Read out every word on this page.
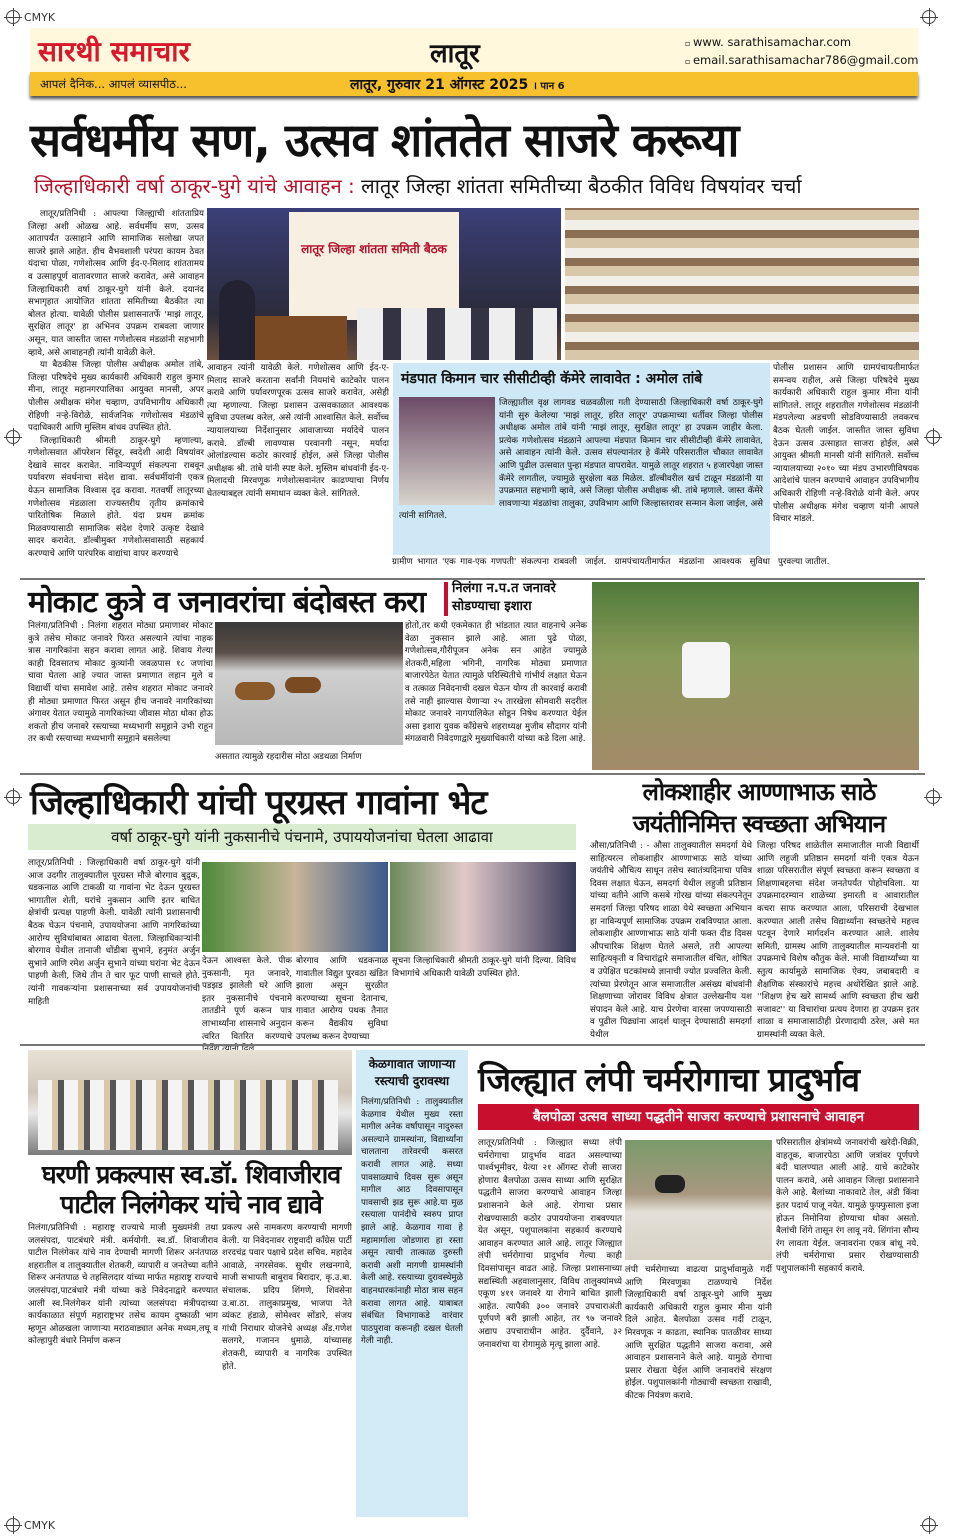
CMYK
CMYK
सारथी समाचार	लातूर	▫ www. sarathisamachar.com
▫ email.sarathisamachar786@gmail.com
आपलं दैनिक... आपलं व्यासपीठ...	लातूर, गुरुवार 21 ऑगस्ट 2025 । पान 6
सर्वधर्मीय सण, उत्सव शांततेत साजरे करूया
जिल्हाधिकारी वर्षा ठाकूर-घुगे यांचे आवाहन : लातूर जिल्हा शांतता समितीच्या बैठकीत विविध विषयांवर चर्चा

लातूर/प्रतिनिधी : आपल्या जिल्ह्याची शांतताप्रिय जिल्हा अशी ओळख आहे. सर्वधर्मीय सण, उत्सव आतापर्यंत उत्साहाने आणि सामाजिक सलोखा जपत साजरे झाले आहेत. हीच वैभवशाली परंपरा कायम ठेवत यंदाचा पोळा, गणेशोत्सव आणि ईद-ए-मिलाद शांततामय व उत्साहपूर्ण वातावरणात साजरे करावेत, असे आवाहन जिल्हाधिकारी वर्षा ठाकूर-घुगे यांनी केले. दयानंद सभागृहात आयोजित शांतता समितीच्या बैठकीत त्या बोलत होत्या. यावेळी पोलीस प्रशासनातर्फे 'माझं लातूर, सुरक्षित लातूर' हा अभिनव उपक्रम राबवला जाणार असून, यात जास्तीत जास्त गणेशोत्सव मंडळांनी सहभागी व्हावे, असे आवाहनही त्यांनी यावेळी केले.

या बैठकीस जिल्हा पोलीस अधीक्षक अमोल तांबे, जिल्हा परिषदेचे मुख्य कार्यकारी अधिकारी राहुल कुमार मीना, लातूर महानगरपालिका आयुक्त मानसी, अपर पोलीस अधीक्षक मंगेश चव्हाण, उपविभागीय अधिकारी रोहिणी नऱ्हे-विरोळे, सार्वजनिक गणेशोत्सव मंडळांचे पदाधिकारी आणि मुस्लिम बांधव उपस्थित होते.

जिल्हाधिकारी श्रीमती ठाकूर-घुगे म्हणाल्या, गणेशोत्सवात ऑपरेशन सिंदूर, स्वदेशी आदी विषयांवर देखावे सादर करावेत. नाविन्यपूर्ण संकल्पना राबवून पर्यावरण संवर्धनाचा संदेश द्यावा. सर्वधर्मीयांनी एकत्र येऊन सामाजिक विश्वास दृढ करावा. गतवर्षी लातूरच्या गणेशोत्सव मंडळाला राज्यस्तरीय तृतीय क्रमांकाचे पारितोषिक मिळाले होते. यंदा प्रथम क्रमांक मिळवण्यासाठी सामाजिक संदेश देणारे उत्कृष्ट देखावे सादर करावेत. डॉल्बीमुक्त गणेशोत्सवासाठी सहकार्य करण्याचे आणि पारंपरिक वाद्यांचा वापर करण्याचे

लातूर जिल्हा शांतता समिती बैठक
आवाहन त्यांनी यावेळी केले. गणेशोत्सव आणि ईद-ए-मिलाद साजरे करताना सर्वांनी नियमांचे काटेकोर पालन करावे आणि पर्यावरणपूरक उत्सव साजरे करावेत, असेही त्या म्हणाल्या. जिल्हा प्रशासन उत्सवकाळात आवश्यक सुविधा उपलब्ध करेल, असे त्यांनी आश्वासित केले. सर्वोच्च न्यायालयाच्या निर्देशानुसार आवाजाच्या मर्यादेचे पालन करावे. डॉल्बी लावण्यास परवानगी नसून, मर्यादा ओलांडल्यास कठोर कारवाई होईल, असे जिल्हा पोलीस अधीक्षक श्री. तांबे यांनी स्पष्ट केले. मुस्लिम बांधवांनी ईद-ए-मिलादची मिरवणूक गणेशोत्सवानंतर काढण्याचा निर्णय घेतल्याबद्दल त्यांनी समाधान व्यक्त केले. सांगितले.
मंडपात किमान चार सीसीटीव्ही कॅमेरे लावावेत : अमोल तांबे
जिल्ह्यातील वृक्ष लागवड चळवळीला गती देण्यासाठी जिल्हाधिकारी वर्षा ठाकूर-घुगे यांनी सुरु केलेल्या 'माझं लातूर, हरित लातूर' उपक्रमाच्या धर्तीवर जिल्हा पोलीस अधीक्षक अमोल तांबे यांनी 'माझं लातूर, सुरक्षित लातूर' हा उपक्रम जाहीर केला. प्रत्येक गणेशोत्सव मंडळाने आपल्या मंडपात किमान चार सीसीटीव्ही कॅमेरे लावावेत, असे आवाहन त्यांनी केले. उत्सव संपल्यानंतर हे कॅमेरे परिसरातील चौकात लावावेत आणि पुढील उत्सवात पुन्हा मंडपात वापरावेत. यामुळे लातूर शहरात ५ हजारपेक्षा जास्त कॅमेरे लागतील, ज्यामुळे सुरक्षेला बळ मिळेल. डॉल्बीवरील खर्च टाळून मंडळांनी या उपक्रमात सहभागी व्हावे, असे जिल्हा पोलीस अधीक्षक श्री. तांबे म्हणाले. जास्त कॅमेरे लावणाऱ्या मंडळांचा तालुका, उपविभाग आणि जिल्हास्तरावर सन्मान केला जाईल, असे त्यांनी सांगितले.
ग्रामीण भागात 'एक गाव-एक गणपती' संकल्पना राबवली जाईल. ग्रामपंचायतीमार्फत मंडळांना आवश्यक सुविधा पुरवल्या जातील.
पोलीस प्रशासन आणि ग्रामपंचायतीमार्फत समन्वय राहील, असे जिल्हा परिषदेचे मुख्य कार्यकारी अधिकारी राहुल कुमार मीना यांनी सांगितले. लातूर शहरातील गणेशोत्सव मंडळांनी मंडपलेल्या अडचणी सोडविण्यासाठी लवकरच बैठक घेतली जाईल. जास्तीत जास्त सुविधा देऊन उत्सव उत्साहात साजरा होईल, असे आयुक्त श्रीमती मानसी यांनी सांगितले. सर्वोच्च न्यायालयाच्या २०१० च्या मंडप उभारणीविषयक आदेशांचे पालन करण्याचे आवाहन उपविभागीय अधिकारी रोहिणी नऱ्हे-विरोळे यांनी केले. अपर पोलीस अधीक्षक मंगेश चव्हाण यांनी आपले विचार मांडले.
मोकाट कुत्रे व जनावरांचा बंदोबस्त करा निलंगा न.प.त जनावरे सोडण्याचा इशारा
निलंगा/प्रतिनिधी : निलंगा शहरात मोठ्या प्रमाणावर मोकाट कुत्रे तसेच मोकाट जनावरे फिरत असल्याने त्यांचा नाहक त्रास नागरिकांना सहन करावा लागत आहे. शिवाय गेल्या काही दिवसातच मोकाट कुत्र्यांनी जवळपास १८ जणांचा चावा घेतला आहे ज्यात जास्त प्रमाणात लहान मुले व विद्यार्थी यांचा समावेश आहे. तसेच शहरात मोकाट जनावरे ही मोठ्या प्रमाणात फिरत असून हीच जनावरे नागरिकांच्या अंगावर येतात ज्यामुळे नागरिकांच्या जीवास मोठा धोका होऊ शकतो हीच जनावरे रस्त्याच्या मध्यभागी समूहाने उभी राहून तर कधी रस्त्याच्या मध्यभागी समूहाने बसलेल्या
असतात त्यामुळे रहदारीस मोठा अडथळा निर्माण
होतो,तर कधी एकमेकात ही भांडतात त्यात वाहनाचे अनेक वेळा नुकसान झाले आहे. आता पुढे पोळा, गणेशोत्सव,गौरीपूजन अनेक सन आहेत ज्यामुळे शेतकरी,महिला भगिनी, नागरिक मोठ्या प्रमाणात बाजारपेठेत येतात त्यामुळे परिस्थितीचे गांभीर्य लक्षात घेऊन व तत्काळ निवेदनाची दखल घेऊन योग्य ती कारवाई करावी तसे नाही झाल्यास येणाऱ्या २५ तारखेला सोमवारी सदरील मोकाट जनावरे नागपालिकेत सोडून निषेध करण्यात येईल असा इशारा युवक काँग्रेसचे शहराध्यक्ष मुजीब सौदागर यांनी मंगळवारी निवेदणाद्वारे मुख्याधिकारी यांच्या कडे दिला आहे.
जिल्हाधिकारी यांची पूरग्रस्त गावांना भेट
वर्षा ठाकूर-घुगे यांनी नुकसानीचे पंचनामे, उपाययोजनांचा घेतला आढावा
लातूर/प्रतिनिधी : जिल्हाधिकारी वर्षा ठाकूर-घुगे यांनी आज उदगीर तालुक्यातील पूरग्रस्त मौजे बोरगाव बुद्रुक, धडकनाळ आणि टाकळी या गावांना भेट देऊन पूरग्रस्त भागातील शेती, घरांचे नुकसान आणि इतर बाधित क्षेत्रांची प्रत्यक्ष पाहणी केली. यावेळी त्यांनी प्रशासनाची बैठक घेऊन पंचनामे, उपाययोजना आणि नागरिकांच्या आरोग्य सुविधांबाबत आढावा घेतला. जिल्हाधिकाऱ्यांनी बोरगाव येथील तानाजी धोंडीबा सुभाने, हनुमंत अर्जुन सुभाने आणि रमेश अर्जुन सुभाने यांच्या घरांना भेट देऊन पाहणी केली, जिथे तीन ते चार फूट पाणी साचले होते. त्यांनी गावकऱ्यांना प्रशासनाच्या सर्व उपाययोजनांची माहिती
देऊन आश्वस्त केले. पीक नुकसानी, मृत जनावरे, पडझड झालेली घरे आणि इतर नुकसानीचे पंचनामे तातडीने पूर्ण करून पात्र लाभार्थ्यांना शासनाचे अनुदान त्वरित वितरित करण्याचे
बोरगाव आणि धडकनाळ गावातील विद्युत पुरवठा खंडित झाला असून सुरळीत करण्याच्या सूचना देतानाच, गावात आरोग्य पथक तैनात करून वैद्यकीय सुविधा उपलब्ध करून देण्याच्या
सूचना जिल्हाधिकारी श्रीमती ठाकूर-घुगे यांनी दिल्या. विविध विभागांचे अधिकारी यावेळी उपस्थित होते.
लोकशाहीर आण्णाभाऊ साठे
जयंतीनिमित्त स्वच्छता अभियान
औसा/प्रतिनिधी : - औसा तालुक्यातील समदर्गा येथे साहित्यरत्न लोकशाहीर आण्णाभाऊ साठे यांच्या जयंतीचे औचित्य साधून तसेच स्वातंत्र्यदिनाचा पवित्र दिवस लक्षात घेऊन, समदर्गा येथील लहुजी प्रतिष्ठान यांच्या वतीने आणि कसबे गोरख यांच्या संकल्पनेतून समदर्गा जिल्हा परिषद शाळा येथे स्वच्छता अभियान हा नाविन्यपूर्ण सामाजिक उपक्रम राबविण्यात आला. लोकशाहीर आण्णाभाऊ साठे यांनी फक्त दीड दिवस औपचारिक शिक्षण घेतले असले, तरी आपल्या साहित्यकृती व विचारांद्वारे समाजातील वंचित, शोषित व उपेक्षित घटकांमध्ये ज्ञानाची ज्योत प्रज्वलित केली. त्यांच्या प्रेरणेतून आज समाजातील असंख्य बांधवांनी शिक्षणाच्या जोरावर विविध क्षेत्रात उल्लेखनीय यश संपादन केले आहे. याच प्रेरणेचा वारसा जपण्यासाठी व पुढील पिढ्यांना आदर्श घालून देण्यासाठी समदर्गा येथील
जिल्हा परिषद शाळेतील समाजातील माजी विद्यार्थी आणि लहुजी प्रतिष्ठान समदर्गा यांनी एकत्र येऊन शाळा परिसरातील संपूर्ण स्वच्छता करून स्वच्छता व शिक्षणाबद्दलचा संदेश जनतेपर्यंत पोहोचविला. या उपक्रमादरम्यान शाळेच्या इमारती व आवारातील कचरा साफ करण्यात आला, परिसराची देखभाल करण्यात आली तसेच विद्यार्थ्यांना स्वच्छतेचे महत्त्व पटवून देणारे मार्गदर्शन करण्यात आले. शालेय समिती, ग्रामस्थ आणि तालुक्यातील मान्यवरांनी या उपक्रमाचे विशेष कौतुक केले. माजी विद्यार्थ्यांच्या या स्तुत्य कार्यामुळे सामाजिक ऐक्य, जबाबदारी व शैक्षणिक संस्कारांचे महत्त्व अधोरेखित झाले आहे. ''शिक्षण हेच खरे सामर्थ्य आणि स्वच्छता हीच खरी सजावट'' या विचारांचा प्रत्यय देणारा हा उपक्रम इतर शाळा व समाजासाठीही प्रेरणादायी ठरेल, असे मत ग्रामस्थांनी व्यक्त केले.
घरणी प्रकल्पास स्व.डॉ. शिवाजीराव पाटील निलंगेकर यांचे नाव द्यावे
निलंगा/प्रतिनिधी : महाराष्ट्र राज्याचे माजी मुख्यमंत्री तथा जलसंपदा, पाटबंधारे मंत्री. कर्मयोगी. स्व.डॉ. शिवाजीराव पाटील निलंगेकर यांचे नाव देण्याची मागणी शिरूर अनंतपाळ शहरातील व तालुक्यातील शेतकरी, व्यापारी व जनतेच्या वतीने शिरूर अनंतपाळ चे तहसिलदार यांच्या मार्फत महाराष्ट्र राज्याचे जलसंपदा,पाटबंधारे मंत्री यांच्या कडे निवेदनाद्वारे करण्यात आली स्व.निलंगेकर यांनी त्यांच्या जलसंपदा मंत्रीपदाच्या कार्यकाळात संपूर्ण महाराष्ट्रभर तसेच कायम दुष्काळी भाग म्हणून ओळखला जाणाऱ्या मराठवाड्यात अनेक मध्यम,लघू व कोल्हापुरी बंधारे निर्माण करून
प्रकल्प असे नामकरण करण्याची मागणी केली. या निवेदनावर राष्ट्रवादी काँग्रेस पार्टी शरदचंद्र पवार पक्षाचे प्रदेश सचिव. महादेव आवाळे, नगरसेवक. सुधीर लखनगावे, माजी सभापती बाबुराव बिरादार, कृ.उ.बा. संचालक. प्रदिप शिंगणे, शिवसेना उ.बा.ठा. तालुकाप्रमुख, भाजपा नेते व्यंकट हंडाळे, सोमेश्वर सोंडारे, संजय गांधी निराधार योजनेचे अध्यक्ष अँड.गणेश सलगरे, गजानन धुमाळे, यांच्यासह शेतकरी, व्यापारी व नागरिक उपस्थित होते.
केळगावात जाणाऱ्या रस्त्याची दुरावस्था
निलंगा/प्रतिनिधी : तालुक्यातील केळगाव येथील मुख्य रस्ता मागील अनेक वर्षांपासून नादुरुस्त असल्याने ग्रामस्थांना, विद्यार्थ्यांना चालताना तारेवरची कसरत करावी लागत आहे. सध्या पावसाळ्याचे दिवस सुरू असून मागील आठ दिवसापासून पावसाची झड सुरू आहे.या मुळ रस्त्याला पानंदीचे स्वरुप प्राप्त झाले आहे. केळगाव गावा हे महामार्गाला जोडणारा हा रस्ता असून त्याची तात्काळ दुरुस्ती करावी अशी मागणी ग्रामस्थांनी केली आहे. रस्त्याच्या दुरावस्थेमुळे वाहनधारकांनाही मोठा त्रास सहन करावा लागत आहे. याबाबत संबंधित विभागाकडे वारंवार पाठपुरावा करूनही दखल घेतली गेली नाही.
जिल्ह्यात लंपी चर्मरोगाचा प्रादुर्भाव
बैलपोळा उत्सव साध्या पद्धतीने साजरा करण्याचे प्रशासनाचे आवाहन
लातूर/प्रतिनिधी : जिल्ह्यात सध्या लंपी चर्मरोगाचा प्रादुर्भाव वाढत असल्याच्या पार्श्वभूमीवर, येत्या २१ ऑगस्ट रोजी साजरा होणारा बैलपोळा उत्सव साध्या आणि सुरक्षित पद्धतीने साजरा करण्याचे आवाहन जिल्हा प्रशासनाने केले आहे. रोगाचा प्रसार रोखण्यासाठी कठोर उपाययोजना राबवण्यात येत असून, पशुपालकांना सहकार्य करण्याचे आवाहन करण्यात आले आहे. लातूर जिल्ह्यात लंपी चर्मरोगाचा प्रादुर्भाव गेल्या काही दिवसांपासून वाढत आहे. जिल्हा प्रशासनाच्या सद्यस्थिती अहवालानुसार, विविध तालुक्यांमध्ये एकूण ४११ जनावरे या रोगाने बाधित झाली आहेत. त्यापैकी ३०० जनावरे उपचाराअंती पूर्णपणे बरी झाली आहेत, तर ९७ जनावरे अद्याप उपचाराधीन आहेत. दुर्दैवाने, ३२ जनावरांचा या रोगामुळे मृत्यू झाला आहे.
लंपी चर्मरोगाच्या वाढत्या प्रादुर्भावामुळे गर्दी आणि मिरवणुका टाळण्याचे निर्देश जिल्हाधिकारी वर्षा ठाकूर-घुगे आणि मुख्य कार्यकारी अधिकारी राहुल कुमार मीना यांनी दिले आहेत. बैलपोळा उत्सव गर्दी टाळून, मिरवणूक न काढता, स्थानिक पातळीवर साध्या आणि सुरक्षित पद्धतीने साजरा करावा, असे आवाहन प्रशासनाने केले आहे. यामुळे रोगाचा प्रसार रोखता येईल आणि जनावरांचे संरक्षण होईल. पशुपालकांनी गोठ्याची स्वच्छता राखावी, कीटक नियंत्रण करावे.
परिसरातील क्षेत्रांमध्ये जनावरांची खरेदी-विक्री, वाहतूक, बाजारपेठा आणि जत्रांवर पूर्णपणे बंदी घालण्यात आली आहे. याचे काटेकोर पालन करावे, असे आवाहन जिल्हा प्रशासनाने केले आहे. बैलांच्या नाकावाटे तेल, अंडी किंवा इतर पदार्थ पाजू नयेत. यामुळे फुफ्फुसाला इजा होऊन निमोनिया होण्याचा धोका असतो. बैलांची शिंगे तासून रंग लावू नये. शिंगांना सौम्य रंग लावता येईल. जनावरांना एकत्र बांधू नये. लंपी चर्मरोगाचा प्रसार रोखण्यासाठी पशुपालकांनी सहकार्य करावे.
